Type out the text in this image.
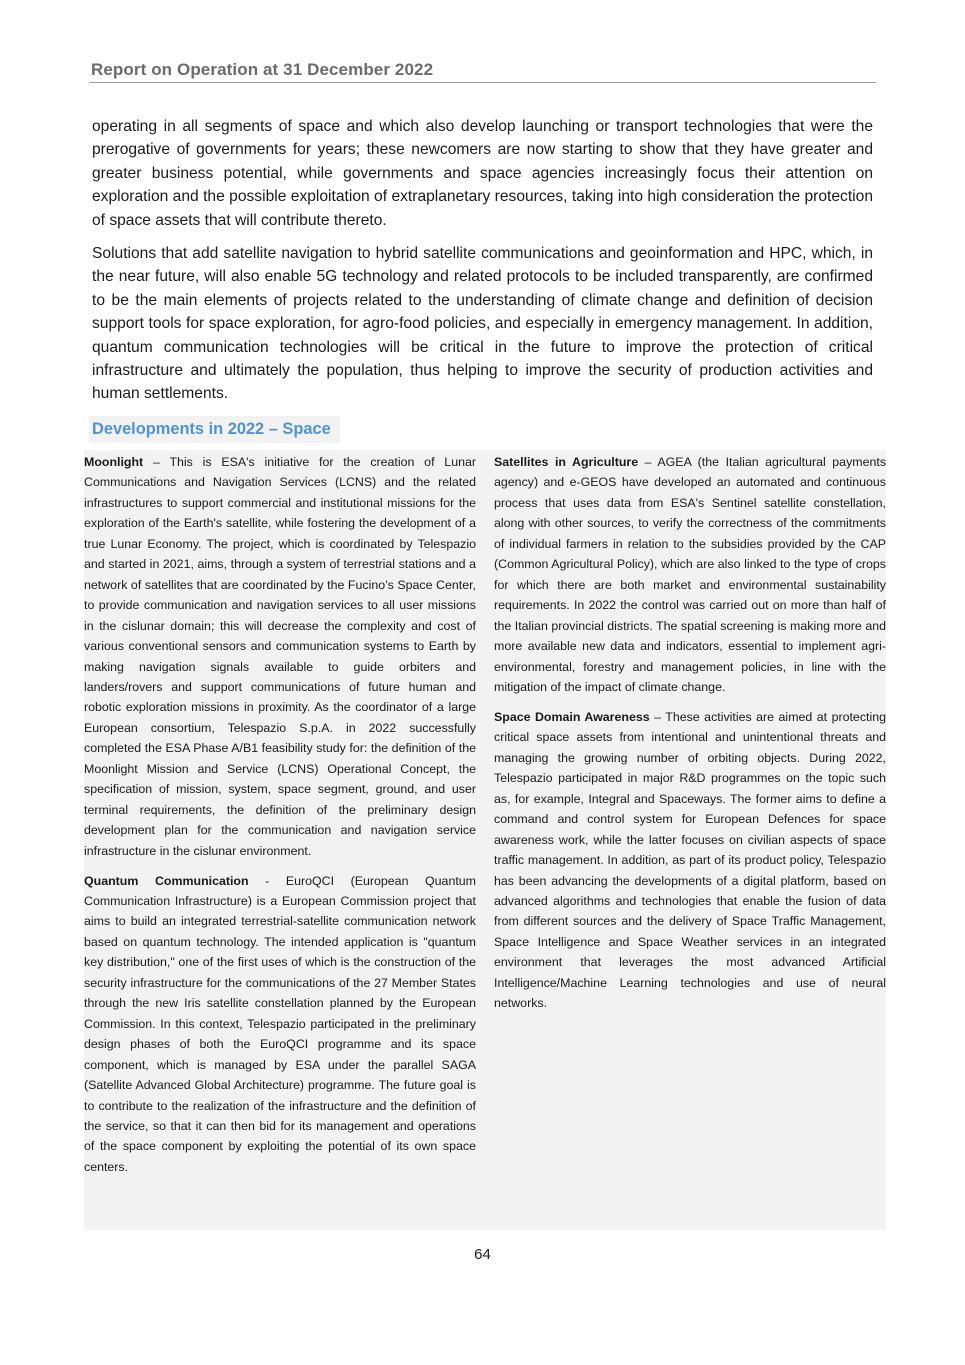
Report on Operation at 31 December 2022

operating in all segments of space and which also develop launching or transport technologies that were the prerogative of governments for years; these newcomers are now starting to show that they have greater and greater business potential, while governments and space agencies increasingly focus their attention on exploration and the possible exploitation of extraplanetary resources, taking into high consideration the protection of space assets that will contribute thereto.

Solutions that add satellite navigation to hybrid satellite communications and geoinformation and HPC, which, in the near future, will also enable 5G technology and related protocols to be included transparently, are confirmed to be the main elements of projects related to the understanding of climate change and definition of decision support tools for space exploration, for agro-food policies, and especially in emergency management. In addition, quantum communication technologies will be critical in the future to improve the protection of critical infrastructure and ultimately the population, thus helping to improve the security of production activities and human settlements.

Developments in 2022 – Space

Moonlight – This is ESA's initiative for the creation of Lunar Communications and Navigation Services (LCNS) and the related infrastructures to support commercial and institutional missions for the exploration of the Earth's satellite, while fostering the development of a true Lunar Economy. The project, which is coordinated by Telespazio and started in 2021, aims, through a system of terrestrial stations and a network of satellites that are coordinated by the Fucino’s Space Center, to provide communication and navigation services to all user missions in the cislunar domain; this will decrease the complexity and cost of various conventional sensors and communication systems to Earth by making navigation signals available to guide orbiters and landers/rovers and support communications of future human and robotic exploration missions in proximity. As the coordinator of a large European consortium, Telespazio S.p.A. in 2022 successfully completed the ESA Phase A/B1 feasibility study for: the definition of the Moonlight Mission and Service (LCNS) Operational Concept, the specification of mission, system, space segment, ground, and user terminal requirements, the definition of the preliminary design development plan for the communication and navigation service infrastructure in the cislunar environment.

Quantum Communication - EuroQCI (European Quantum Communication Infrastructure) is a European Commission project that aims to build an integrated terrestrial-satellite communication network based on quantum technology. The intended application is "quantum key distribution," one of the first uses of which is the construction of the security infrastructure for the communications of the 27 Member States through the new Iris satellite constellation planned by the European Commission. In this context, Telespazio participated in the preliminary design phases of both the EuroQCI programme and its space component, which is managed by ESA under the parallel SAGA (Satellite Advanced Global Architecture) programme. The future goal is to contribute to the realization of the infrastructure and the definition of the service, so that it can then bid for its management and operations of the space component by exploiting the potential of its own space centers.

Satellites in Agriculture – AGEA (the Italian agricultural payments agency) and e-GEOS have developed an automated and continuous process that uses data from ESA's Sentinel satellite constellation, along with other sources, to verify the correctness of the commitments of individual farmers in relation to the subsidies provided by the CAP (Common Agricultural Policy), which are also linked to the type of crops for which there are both market and environmental sustainability requirements. In 2022 the control was carried out on more than half of the Italian provincial districts. The spatial screening is making more and more available new data and indicators, essential to implement agri-environmental, forestry and management policies, in line with the mitigation of the impact of climate change.

Space Domain Awareness – These activities are aimed at protecting critical space assets from intentional and unintentional threats and managing the growing number of orbiting objects. During 2022, Telespazio participated in major R&D programmes on the topic such as, for example, Integral and Spaceways. The former aims to define a command and control system for European Defences for space awareness work, while the latter focuses on civilian aspects of space traffic management. In addition, as part of its product policy, Telespazio has been advancing the developments of a digital platform, based on advanced algorithms and technologies that enable the fusion of data from different sources and the delivery of Space Traffic Management, Space Intelligence and Space Weather services in an integrated environment that leverages the most advanced Artificial Intelligence/Machine Learning technologies and use of neural networks.

64
